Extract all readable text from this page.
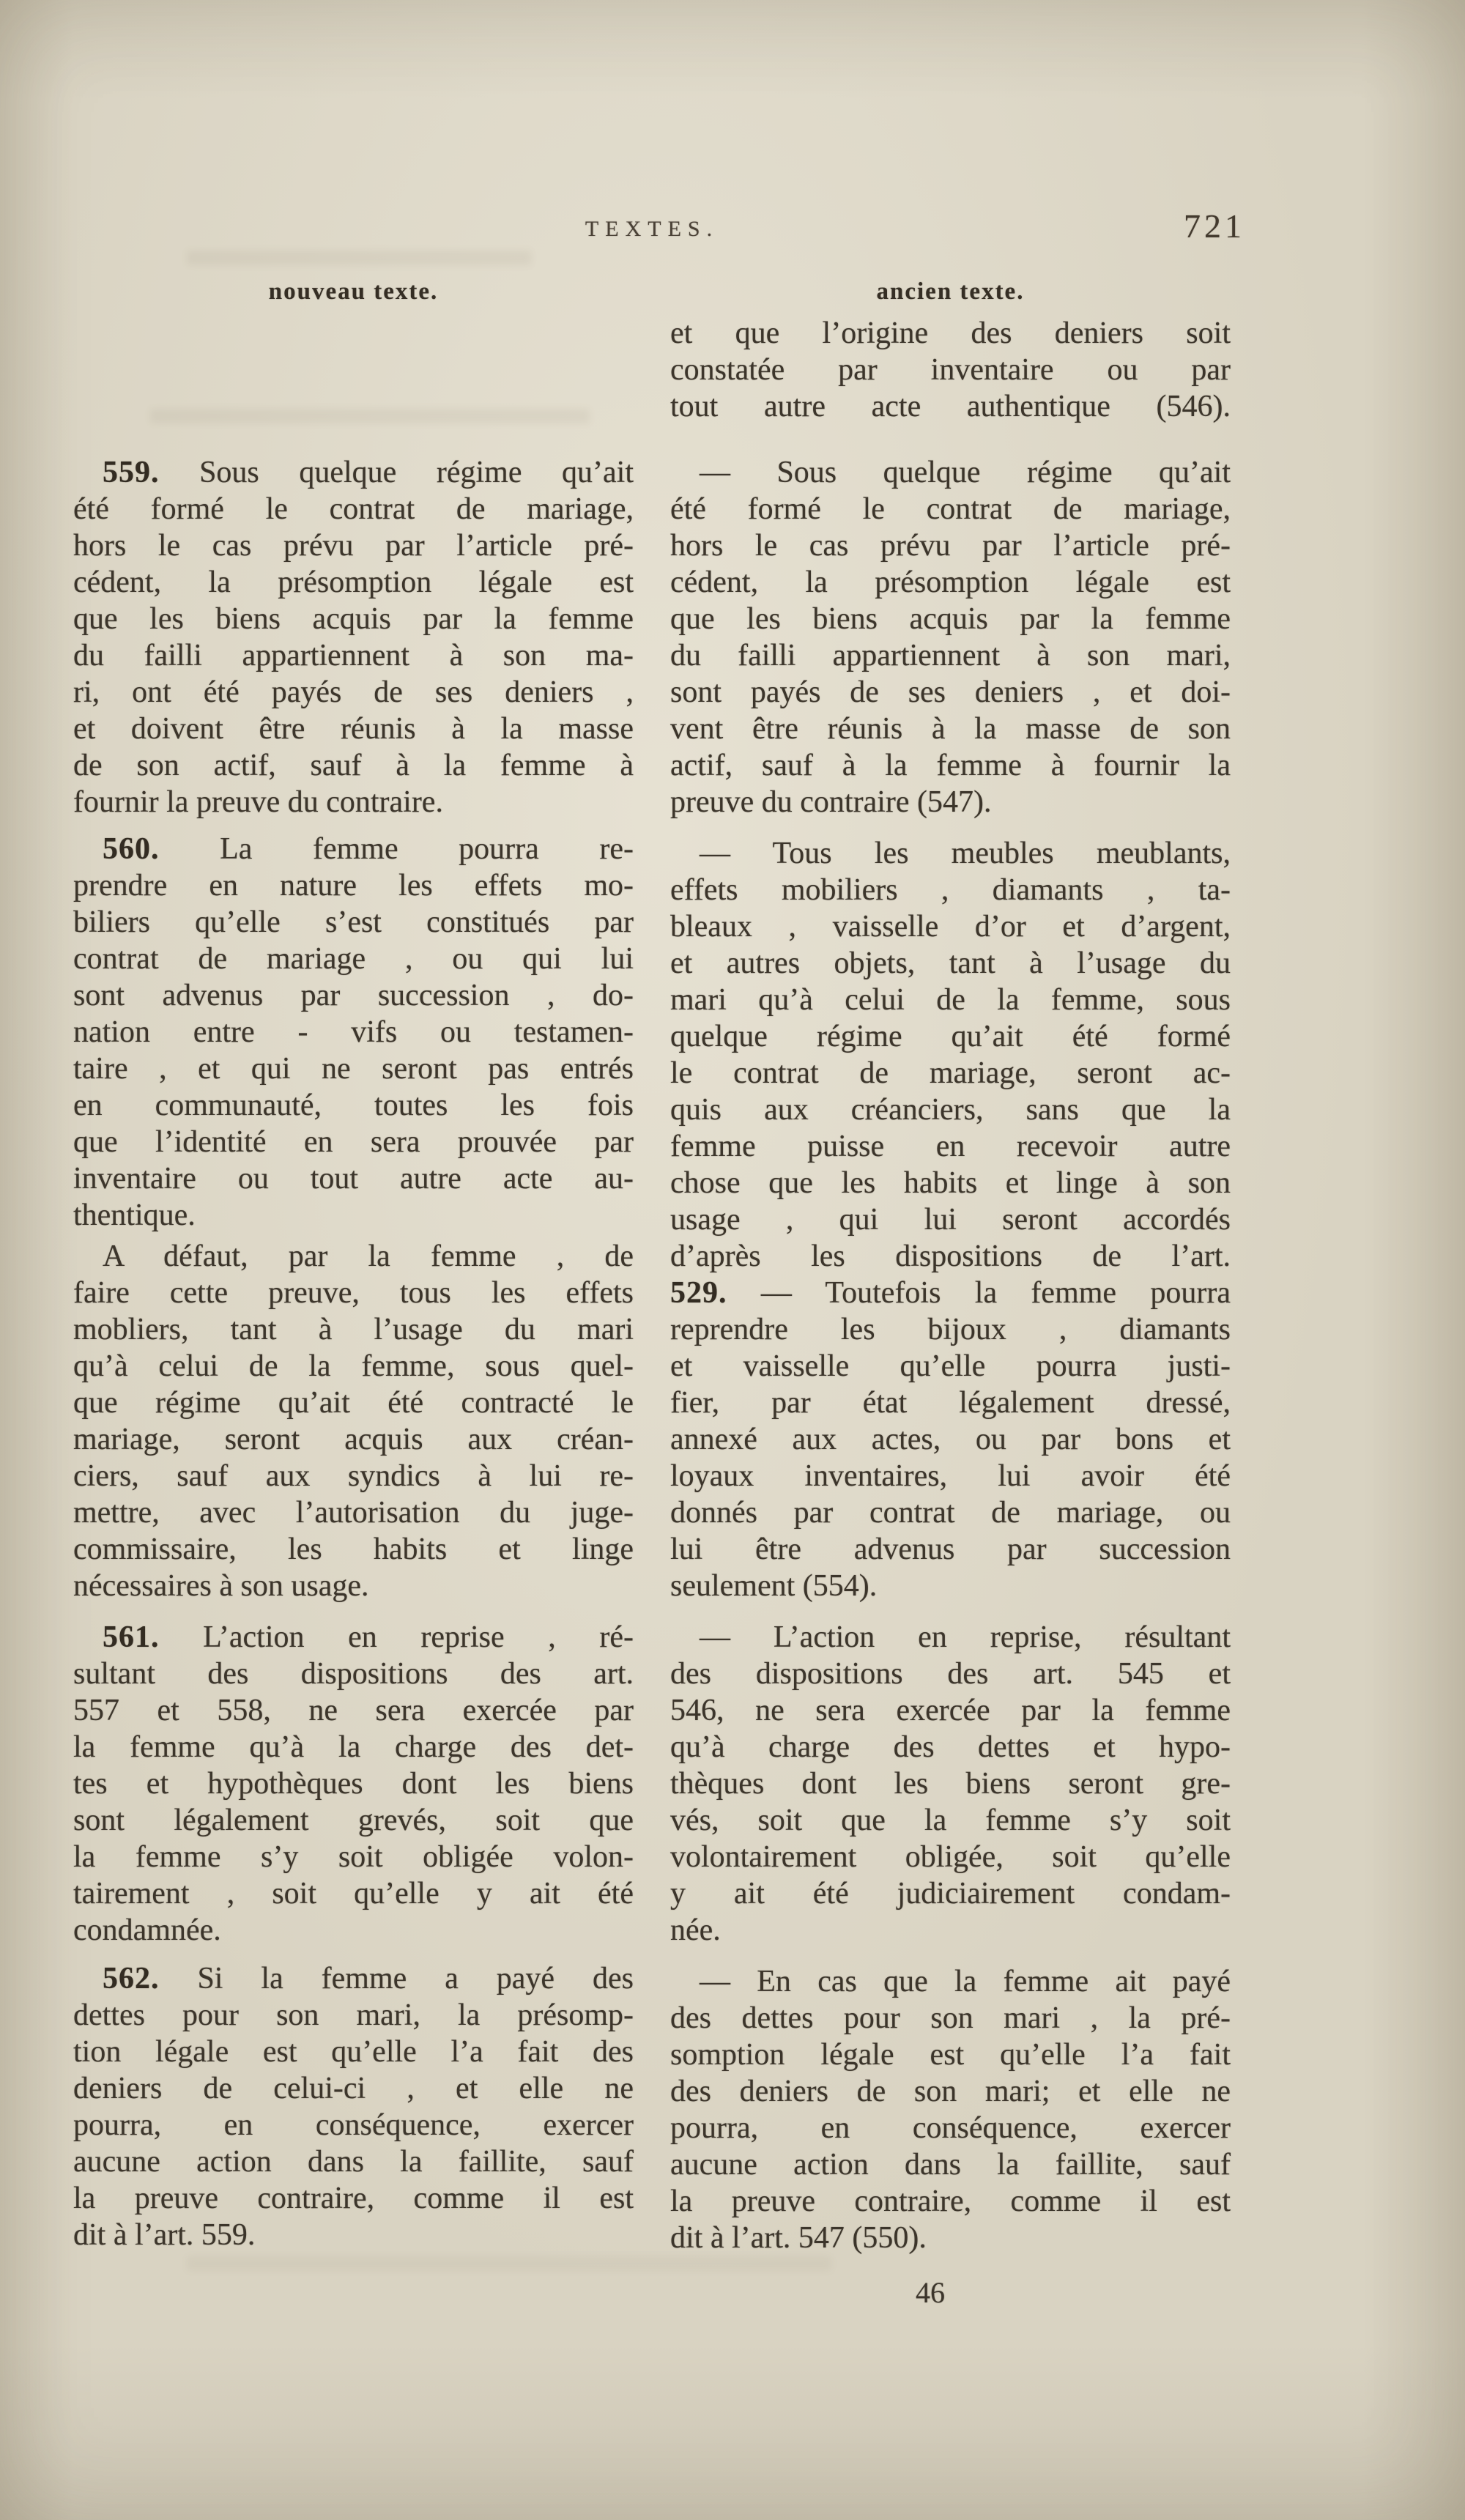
TEXTES.	721
nouveau texte.	ancien texte.
559. Sous quelque régime qu’ait
été formé le contrat de mariage,
hors le cas prévu par l’article pré-
cédent, la présomption légale est
que les biens acquis par la femme
du failli appartiennent à son ma-
ri, ont été payés de ses deniers ,
et doivent être réunis à la masse
de son actif, sauf à la femme à
fournir la preuve du contraire.
560. La femme pourra re-
prendre en nature les effets mo-
biliers qu’elle s’est constitués par
contrat de mariage , ou qui lui
sont advenus par succession , do-
nation entre - vifs ou testamen-
taire , et qui ne seront pas entrés
en communauté, toutes les fois
que l’identité en sera prouvée par
inventaire ou tout autre acte au-
thentique.
A défaut, par la femme , de
faire cette preuve, tous les effets
mobliers, tant à l’usage du mari
qu’à celui de la femme, sous quel-
que régime qu’ait été contracté le
mariage, seront acquis aux créan-
ciers, sauf aux syndics à lui re-
mettre, avec l’autorisation du juge-
commissaire, les habits et linge
nécessaires à son usage.
561. L’action en reprise , ré-
sultant des dispositions des art.
557 et 558, ne sera exercée par
la femme qu’à la charge des det-
tes et hypothèques dont les biens
sont légalement grevés, soit que
la femme s’y soit obligée volon-
tairement , soit qu’elle y ait été
condamnée.
562. Si la femme a payé des
dettes pour son mari, la présomp-
tion légale est qu’elle l’a fait des
deniers de celui-ci , et elle ne
pourra, en conséquence, exercer
aucune action dans la faillite, sauf
la preuve contraire, comme il est
dit à l’art. 559.
et que l’origine des deniers soit
constatée par inventaire ou par
tout autre acte authentique (546).
— Sous quelque régime qu’ait
été formé le contrat de mariage,
hors le cas prévu par l’article pré-
cédent, la présomption légale est
que les biens acquis par la femme
du failli appartiennent à son mari,
sont payés de ses deniers , et doi-
vent être réunis à la masse de son
actif, sauf à la femme à fournir la
preuve du contraire (547).
— Tous les meubles meublants,
effets mobiliers , diamants , ta-
bleaux , vaisselle d’or et d’argent,
et autres objets, tant à l’usage du
mari qu’à celui de la femme, sous
quelque régime qu’ait été formé
le contrat de mariage, seront ac-
quis aux créanciers, sans que la
femme puisse en recevoir autre
chose que les habits et linge à son
usage , qui lui seront accordés
d’après les dispositions de l’art.
529. — Toutefois la femme pourra
reprendre les bijoux , diamants
et vaisselle qu’elle pourra justi-
fier, par état légalement dressé,
annexé aux actes, ou par bons et
loyaux inventaires, lui avoir été
donnés par contrat de mariage, ou
lui être advenus par succession
seulement (554).
— L’action en reprise, résultant
des dispositions des art. 545 et
546, ne sera exercée par la femme
qu’à charge des dettes et hypo-
thèques dont les biens seront gre-
vés, soit que la femme s’y soit
volontairement obligée, soit qu’elle
y ait été judiciairement condam-
née.
— En cas que la femme ait payé
des dettes pour son mari , la pré-
somption légale est qu’elle l’a fait
des deniers de son mari; et elle ne
pourra, en conséquence, exercer
aucune action dans la faillite, sauf
la preuve contraire, comme il est
dit à l’art. 547 (550).
46
